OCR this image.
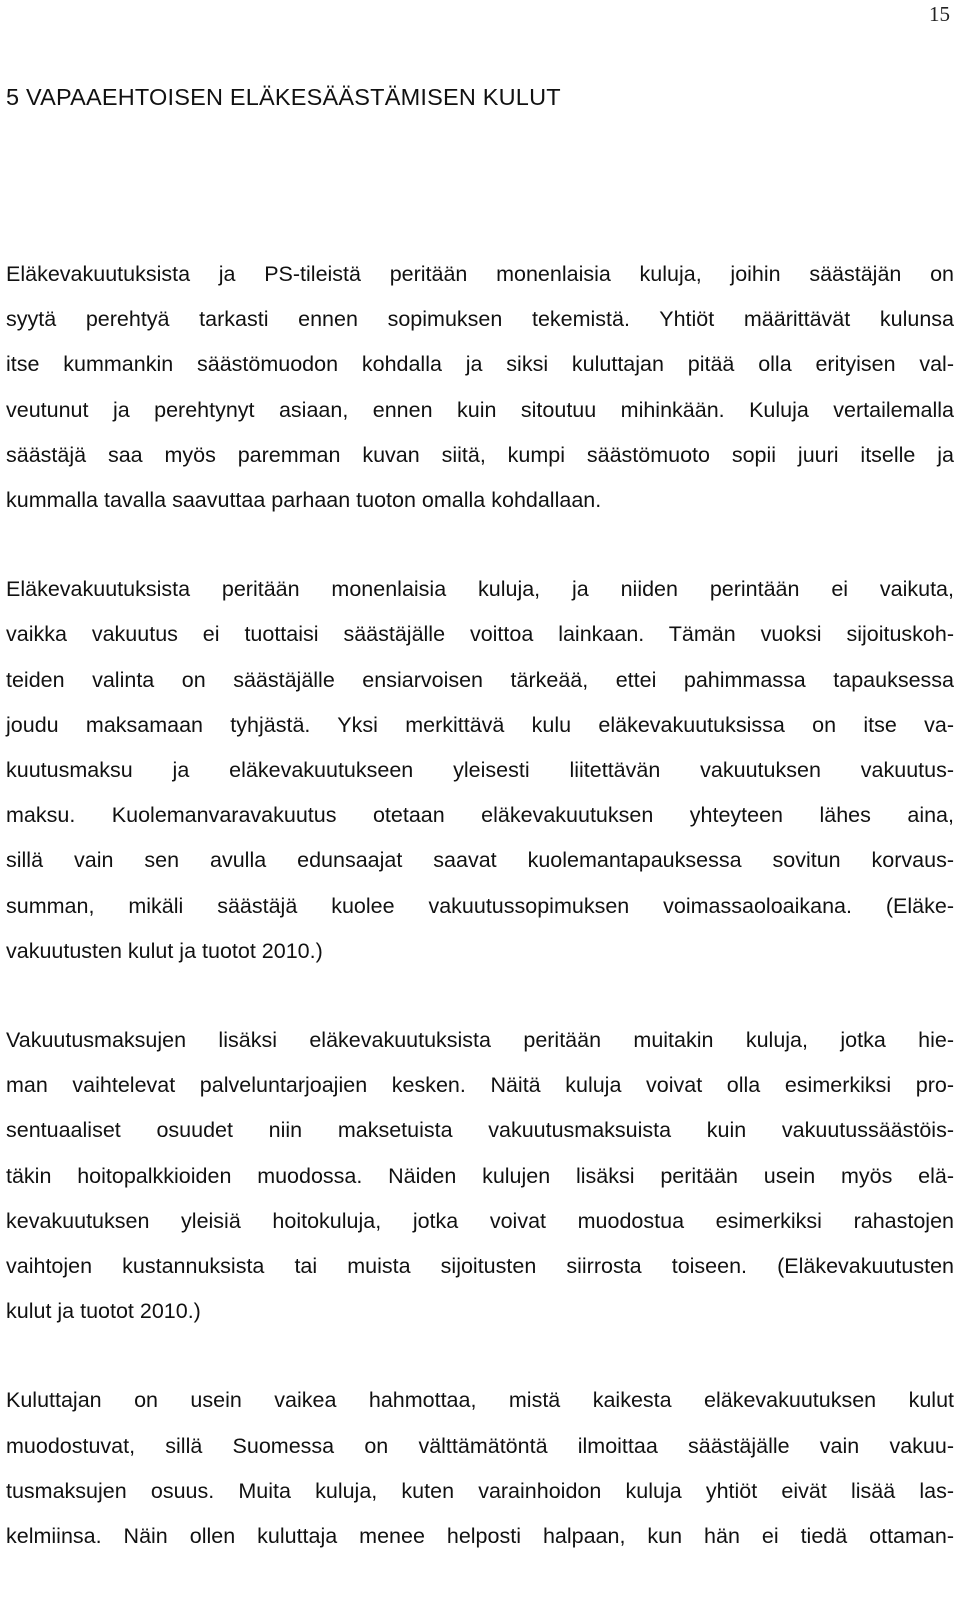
15
5 VAPAAEHTOISEN ELÄKESÄÄSTÄMISEN KULUT

Eläkevakuutuksista ja PS-tileistä peritään monenlaisia kuluja, joihin säästäjän on
syytä perehtyä tarkasti ennen sopimuksen tekemistä. Yhtiöt määrittävät kulunsa
itse kummankin säästömuodon kohdalla ja siksi kuluttajan pitää olla erityisen val-
veutunut ja perehtynyt asiaan, ennen kuin sitoutuu mihinkään. Kuluja vertailemalla
säästäjä saa myös paremman kuvan siitä, kumpi säästömuoto sopii juuri itselle ja
kummalla tavalla saavuttaa parhaan tuoton omalla kohdallaan.

Eläkevakuutuksista peritään monenlaisia kuluja, ja niiden perintään ei vaikuta,
vaikka vakuutus ei tuottaisi säästäjälle voittoa lainkaan. Tämän vuoksi sijoituskoh-
teiden valinta on säästäjälle ensiarvoisen tärkeää, ettei pahimmassa tapauksessa
joudu maksamaan tyhjästä. Yksi merkittävä kulu eläkevakuutuksissa on itse va-
kuutusmaksu ja eläkevakuutukseen yleisesti liitettävän vakuutuksen vakuutus-
maksu. Kuolemanvaravakuutus otetaan eläkevakuutuksen yhteyteen lähes aina,
sillä vain sen avulla edunsaajat saavat kuolemantapauksessa sovitun korvaus-
summan, mikäli säästäjä kuolee vakuutussopimuksen voimassaoloaikana. (Eläke-
vakuutusten kulut ja tuotot 2010.)

Vakuutusmaksujen lisäksi eläkevakuutuksista peritään muitakin kuluja, jotka hie-
man vaihtelevat palveluntarjoajien kesken. Näitä kuluja voivat olla esimerkiksi pro-
sentuaaliset osuudet niin maksetuista vakuutusmaksuista kuin vakuutussäästöis-
täkin hoitopalkkioiden muodossa. Näiden kulujen lisäksi peritään usein myös elä-
kevakuutuksen yleisiä hoitokuluja, jotka voivat muodostua esimerkiksi rahastojen
vaihtojen kustannuksista tai muista sijoitusten siirrosta toiseen. (Eläkevakuutusten
kulut ja tuotot 2010.)

Kuluttajan on usein vaikea hahmottaa, mistä kaikesta eläkevakuutuksen kulut
muodostuvat, sillä Suomessa on välttämätöntä ilmoittaa säästäjälle vain vakuu-
tusmaksujen osuus. Muita kuluja, kuten varainhoidon kuluja yhtiöt eivät lisää las-
kelmiinsa. Näin ollen kuluttaja menee helposti halpaan, kun hän ei tiedä ottaman-
